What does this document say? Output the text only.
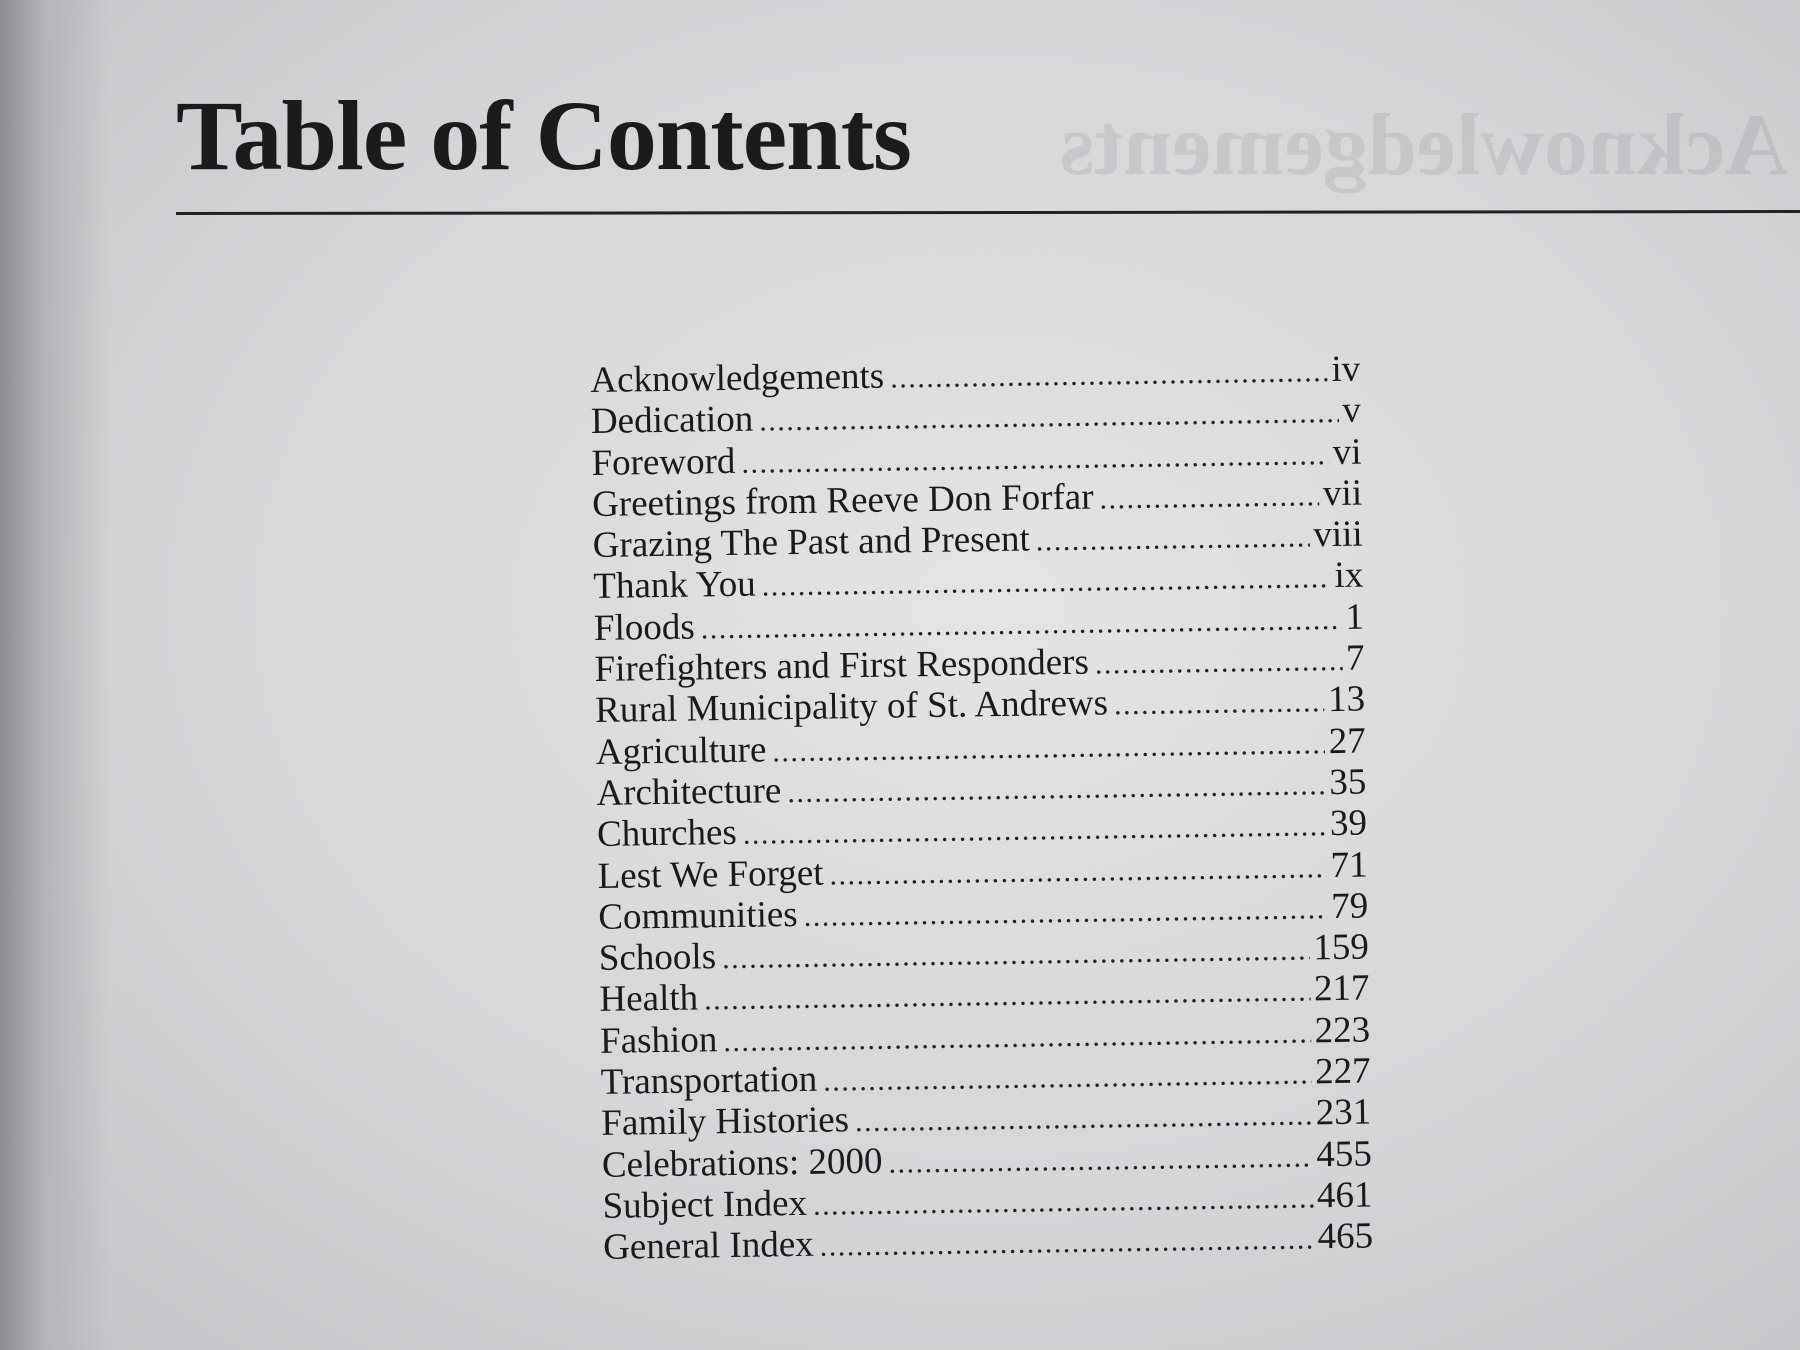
Acknowledgements
Table of Contents
Acknowledgements . . .	iv
Dedication . . .	v
Foreword . . .	vi
Greetings from Reeve Don Forfar . . .	vii
Grazing The Past and Present . . .	viii
Thank You . . .	ix
Floods . . .	1
Firefighters and First Responders . . .	7
Rural Municipality of St. Andrews . . .	13
Agriculture . . .	27
Architecture . . .	35
Churches . . .	39
Lest We Forget . . .	71
Communities . . .	79
Schools . . .	159
Health . . .	217
Fashion . . .	223
Transportation . . .	227
Family Histories . . .	231
Celebrations: 2000 . . .	455
Subject Index . . .	461
General Index . . .	465
